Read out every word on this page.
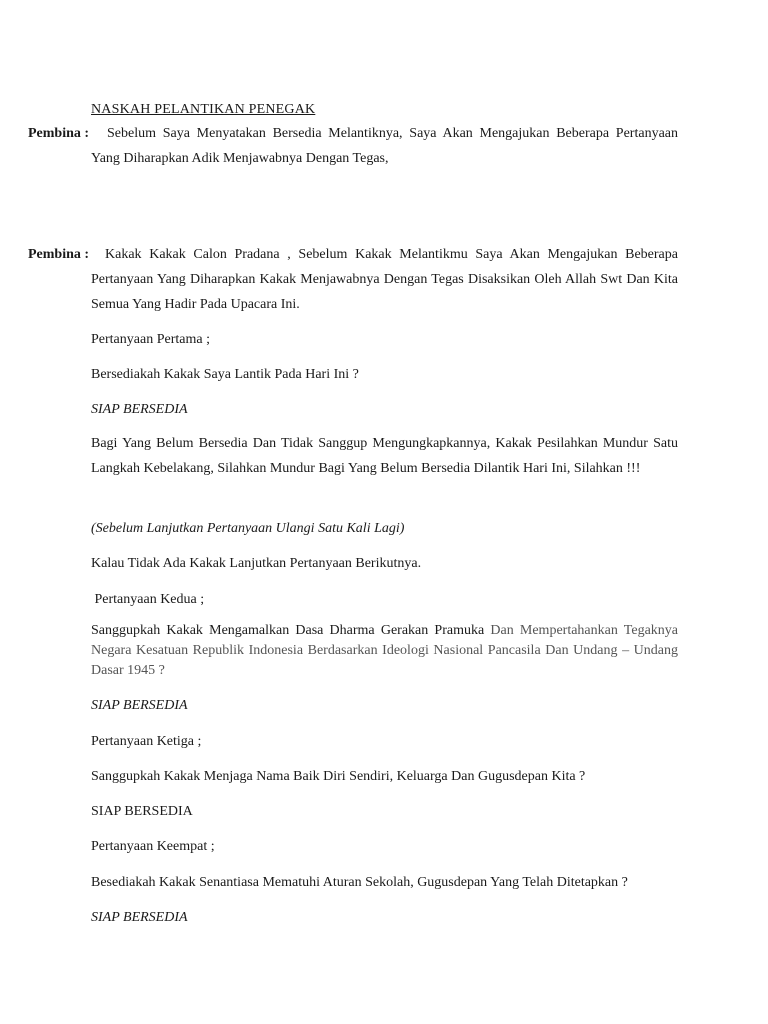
NASKAH PELANTIKAN PENEGAK
Pembina :	Sebelum Saya Menyatakan Bersedia Melantiknya, Saya Akan Mengajukan Beberapa Pertanyaan Yang Diharapkan Adik Menjawabnya Dengan Tegas,
Pembina :	Kakak Kakak Calon Pradana , Sebelum Kakak Melantikmu Saya Akan Mengajukan Beberapa Pertanyaan Yang Diharapkan Kakak Menjawabnya Dengan Tegas Disaksikan Oleh Allah Swt Dan Kita Semua Yang Hadir Pada Upacara Ini.
Pertanyaan Pertama ;
Bersediakah Kakak Saya Lantik Pada Hari Ini ?
SIAP BERSEDIA
Bagi Yang Belum Bersedia Dan Tidak Sanggup Mengungkapkannya, Kakak Pesilahkan Mundur Satu Langkah Kebelakang, Silahkan Mundur Bagi Yang Belum Bersedia Dilantik Hari Ini, Silahkan !!!
(Sebelum Lanjutkan Pertanyaan Ulangi Satu Kali Lagi)
Kalau Tidak Ada Kakak Lanjutkan Pertanyaan Berikutnya.
Pertanyaan Kedua ;
Sanggupkah Kakak Mengamalkan Dasa Dharma Gerakan Pramuka Dan Mempertahankan Tegaknya Negara Kesatuan Republik Indonesia Berdasarkan Ideologi Nasional Pancasila Dan Undang – Undang Dasar 1945 ?
SIAP BERSEDIA
Pertanyaan Ketiga ;
Sanggupkah Kakak Menjaga Nama Baik Diri Sendiri, Keluarga Dan Gugusdepan Kita ?
SIAP BERSEDIA
Pertanyaan Keempat ;
Besediakah Kakak Senantiasa Mematuhi Aturan Sekolah, Gugusdepan Yang Telah Ditetapkan ?
SIAP BERSEDIA
